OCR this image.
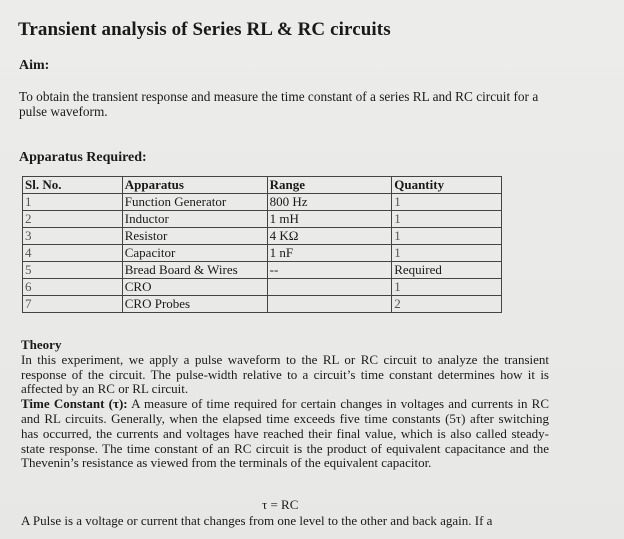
Transient analysis of Series RL & RC circuits
Aim:

To obtain the transient response and measure the time constant of a series RL and RC circuit for a pulse waveform.

Apparatus Required:
Sl. No.	Apparatus	Range	Quantity
1	Function Generator	800 Hz	1
2	Inductor	1 mH	1
3	Resistor	4 KΩ	1
4	Capacitor	1 nF	1
5	Bread Board & Wires	--	Required
6	CRO		1
7	CRO Probes		2

Theory

In this experiment, we apply a pulse waveform to the RL or RC circuit to analyze the transient response of the circuit. The pulse-width relative to a circuit’s time constant determines how it is affected by an RC or RL circuit.

Time Constant (τ): A measure of time required for certain changes in voltages and currents in RC and RL circuits. Generally, when the elapsed time exceeds five time constants (5τ) after switching has occurred, the currents and voltages have reached their final value, which is also called steady-state response. The time constant of an RC circuit is the product of equivalent capacitance and the Thevenin’s resistance as viewed from the terminals of the equivalent capacitor.

τ = RC
A Pulse is a voltage or current that changes from one level to the other and back again. If a
